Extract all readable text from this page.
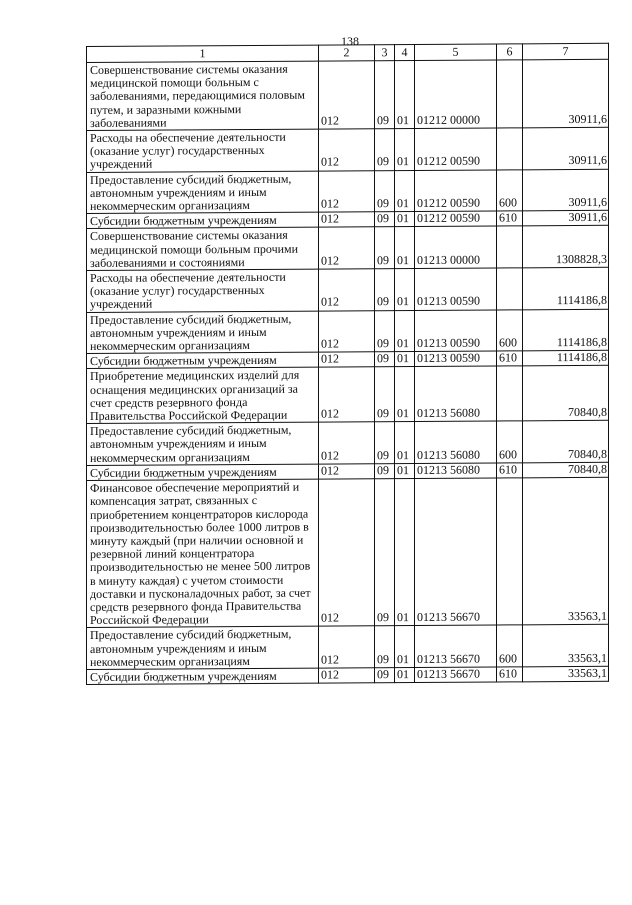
138
1	2	3	4	5	6	7
Совершенствование системы оказания медицинской помощи больным с заболеваниями, передающимися половым путем, и заразными кожными заболеваниями	012	09	01	01212 00000		30911,6
Расходы на обеспечение деятельности (оказание услуг) государственных учреждений	012	09	01	01212 00590		30911,6
Предоставление субсидий бюджетным, автономным учреждениям и иным некоммерческим организациям	012	09	01	01212 00590	600	30911,6
Субсидии бюджетным учреждениям	012	09	01	01212 00590	610	30911,6
Совершенствование системы оказания медицинской помощи больным прочими заболеваниями и состояниями	012	09	01	01213 00000		1308828,3
Расходы на обеспечение деятельности (оказание услуг) государственных учреждений	012	09	01	01213 00590		1114186,8
Предоставление субсидий бюджетным, автономным учреждениям и иным некоммерческим организациям	012	09	01	01213 00590	600	1114186,8
Субсидии бюджетным учреждениям	012	09	01	01213 00590	610	1114186,8
Приобретение медицинских изделий для оснащения медицинских организаций за счет средств резервного фонда Правительства Российской Федерации	012	09	01	01213 56080		70840,8
Предоставление субсидий бюджетным, автономным учреждениям и иным некоммерческим организациям	012	09	01	01213 56080	600	70840,8
Субсидии бюджетным учреждениям	012	09	01	01213 56080	610	70840,8
Финансовое обеспечение мероприятий и компенсация затрат, связанных с приобретением концентраторов кислорода производительностью более 1000 литров в минуту каждый (при наличии основной и резервной линий концентратора производительностью не менее 500 литров в минуту каждая) с учетом стоимости доставки и пусконаладочных работ, за счет средств резервного фонда Правительства Российской Федерации	012	09	01	01213 56670		33563,1
Предоставление субсидий бюджетным, автономным учреждениям и иным некоммерческим организациям	012	09	01	01213 56670	600	33563,1
Субсидии бюджетным учреждениям	012	09	01	01213 56670	610	33563,1
